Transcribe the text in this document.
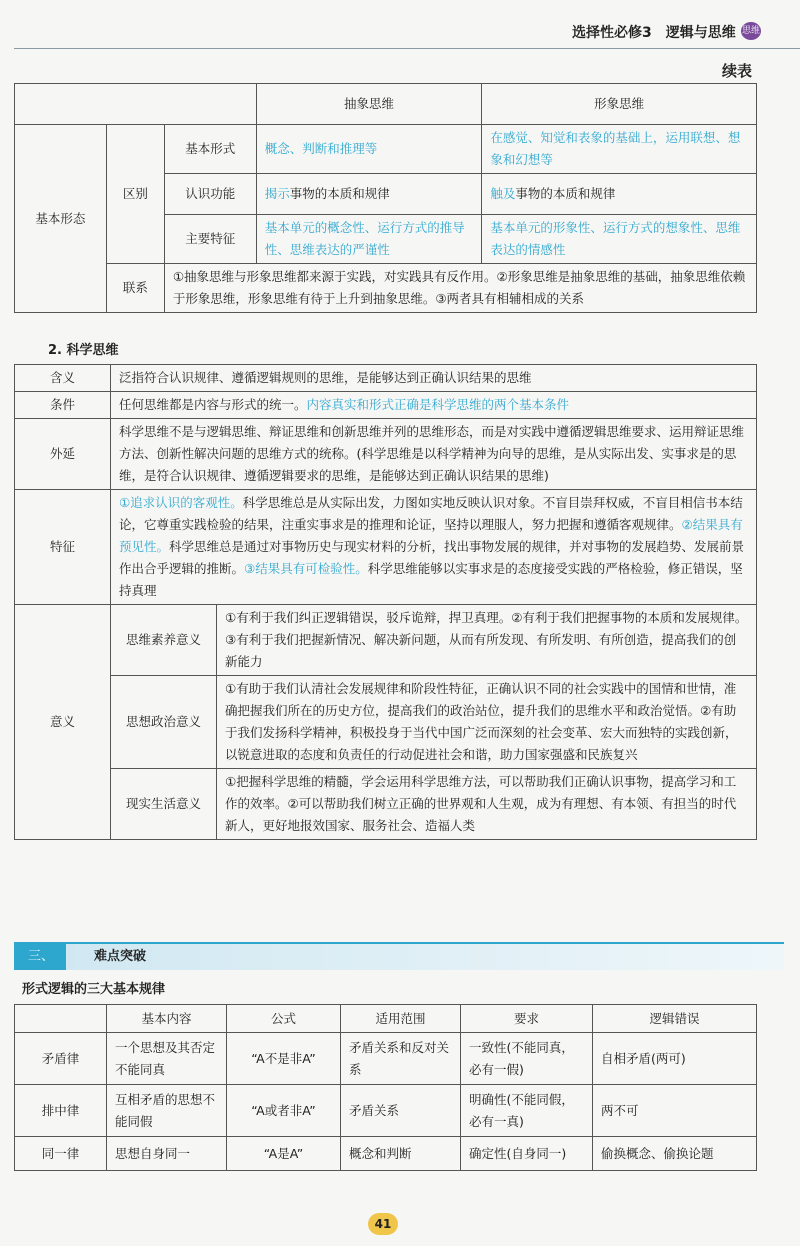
选择性必修3　逻辑与思维 思维
续表
			抽象思维	形象思维
基本形态	区别	基本形式	概念、判断和推理等	在感觉、知觉和表象的基础上，运用联想、想象和幻想等
		认识功能	揭示事物的本质和规律	触及事物的本质和规律
		主要特征	基本单元的概念性、运行方式的推导性、思维表达的严谨性	基本单元的形象性、运行方式的想象性、思维表达的情感性
	联系	①抽象思维与形象思维都来源于实践，对实践具有反作用。②形象思维是抽象思维的基础，抽象思维依赖于形象思维，形象思维有待于上升到抽象思维。③两者具有相辅相成的关系		
2. 科学思维
含义	泛指符合认识规律、遵循逻辑规则的思维，是能够达到正确认识结果的思维	
条件	任何思维都是内容与形式的统一。内容真实和形式正确是科学思维的两个基本条件	
外延	科学思维不是与逻辑思维、辩证思维和创新思维并列的思维形态，而是对实践中遵循逻辑思维要求、运用辩证思维方法、创新性解决问题的思维方式的统称。(科学思维是以科学精神为向导的思维，是从实际出发、实事求是的思维，是符合认识规律、遵循逻辑要求的思维，是能够达到正确认识结果的思维)	
特征	①追求认识的客观性。科学思维总是从实际出发，力图如实地反映认识对象。不盲目崇拜权威，不盲目相信书本结论，它尊重实践检验的结果，注重实事求是的推理和论证，坚持以理服人，努力把握和遵循客观规律。②结果具有预见性。科学思维总是通过对事物历史与现实材料的分析，找出事物发展的规律，并对事物的发展趋势、发展前景作出合乎逻辑的推断。③结果具有可检验性。科学思维能够以实事求是的态度接受实践的严格检验，修正错误，坚持真理	
意义	思维素养意义	①有利于我们纠正逻辑错误，驳斥诡辩，捍卫真理。②有利于我们把握事物的本质和发展规律。③有利于我们把握新情况、解决新问题，从而有所发现、有所发明、有所创造，提高我们的创新能力
	思想政治意义	①有助于我们认清社会发展规律和阶段性特征，正确认识不同的社会实践中的国情和世情，准确把握我们所在的历史方位，提高我们的政治站位，提升我们的思维水平和政治觉悟。②有助于我们发扬科学精神，积极投身于当代中国广泛而深刻的社会变革、宏大而独特的实践创新，以锐意进取的态度和负责任的行动促进社会和谐，助力国家强盛和民族复兴
	现实生活意义	①把握科学思维的精髓，学会运用科学思维方法，可以帮助我们正确认识事物，提高学习和工作的效率。②可以帮助我们树立正确的世界观和人生观，成为有理想、有本领、有担当的时代新人，更好地报效国家、服务社会、造福人类
三、	难点突破
形式逻辑的三大基本规律
	基本内容	公式	适用范围	要求	逻辑错误
矛盾律	一个思想及其否定不能同真	“A不是非A”	矛盾关系和反对关系	一致性(不能同真，必有一假)	自相矛盾(两可)
排中律	互相矛盾的思想不能同假	“A或者非A”	矛盾关系	明确性(不能同假，必有一真)	两不可
同一律	思想自身同一	“A是A”	概念和判断	确定性(自身同一)	偷换概念、偷换论题
41
